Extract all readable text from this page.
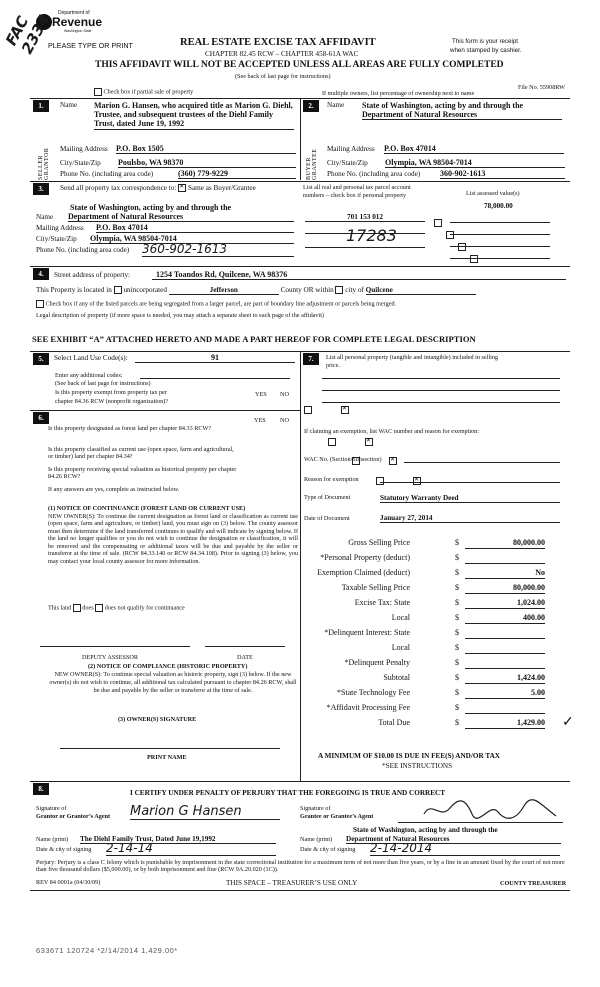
Department of
Revenue
Washington State
FAC 2334
PLEASE TYPE OR PRINT	REAL ESTATE EXCISE TAX AFFIDAVIT
CHAPTER 82.45 RCW – CHAPTER 458-61A WAC
THIS AFFIDAVIT WILL NOT BE ACCEPTED UNLESS ALL AREAS ARE FULLY COMPLETED
(See back of last page for instructions)
This form is your receipt
when stamped by cashier.
Check box if partial sale of property	If multiple owners, list percentage of ownership next to name
File No. 55908RW
1.
SELLER GRANTOR
Name Marion G. Hansen, who acquired title as Marion G. Diehl, Trustee, and subsequent trustees of the Diehl Family Trust, dated June 19, 1992
Mailing Address P.O. Box 1505
City/State/Zip Poulsbo, WA 98370
Phone No. (including area code)	(360) 779-9229
2.
BUYER GRANTEE
Name State of Washington, acting by and through the Department of Natural Resources
Mailing Address P.O. Box 47014
City/State/Zip Olympia, WA 98504-7014
Phone No. (including area code) 360-902-1613
3.	Send all property tax correspondence to: ✕ Same as Buyer/Grantee
State of Washington, acting by and through the
Name Department of Natural Resources
Mailing Address P.O. Box 47014
City/State/Zip Olympia, WA 98504-7014
Phone No. (including area code) 360-902-1613
List all real and personal tax parcel account
numbers – check box if personal property	List assessed value(s)
78,000.00
701 153 012

17283

4.	Street address of property:	1254 Toandos Rd, Quilcene, WA 98376
This Property is located in unincorporated	Jefferson	County OR within city of Quilcene
Check box if any of the listed parcels are being segregated from a larger parcel, are part of boundary line adjustment or parcels being merged.
Legal description of property (if more space is needed, you may attach a separate sheet to each page of the affidavit)
SEE EXHIBIT “A” ATTACHED HERETO AND MADE A PART HEREOF FOR COMPLETE LEGAL DESCRIPTION
5.	Select Land Use Code(s):	91
Enter any additional codes:
(See back of last page for instructions)
YES NO
Is this property exempt from property tax per
chapter 84.36 RCW (nonprofit organization)?
✕
6.	YES NO
Is this property designated as forest land per chapter 84.33 RCW?
✕
Is this property classified as current use (open space, farm and agricultural, or timber) land per chapter 84.34?
✕
Is this property receiving special valuation as historical property per chapter 84.26 RCW?
✕
If any answers are yes, complete as instructed below.
(1) NOTICE OF CONTINUANCE (FOREST LAND OR CURRENT USE)
NEW OWNER(S): To continue the current designation as forest land or classification as current use (open space, farm and agriculture, or timber) land, you must sign on (3) below. The county assessor must then determine if the land transferred continues to qualify and will indicate by signing below. If the land no longer qualifies or you do not wish to continue the designation or classification, it will be removed and the compensating or additional taxes will be due and payable by the seller or transferor at the time of sale. (RCW 84.33.140 or RCW 84.34.108). Prior to signing (3) below, you may contact your local county assessor for more information.
This land does does not qualify for continuance
DEPUTY ASSESSOR	DATE
(2) NOTICE OF COMPLIANCE (HISTORIC PROPERTY)
NEW OWNER(S): To continue special valuation as historic property, sign (3) below. If the new owner(s) do not wish to continue, all additional tax calculated pursuant to chapter 84.26 RCW, shall be due and payable by the seller or transferor at the time of sale.
(3) OWNER(S) SIGNATURE
PRINT NAME
7.	List all personal property (tangible and intangible) included in selling
price.
If claiming an exemption, list WAC number and reason for exemption:
WAC No. (Section/Subsection)
Reason for exemption
Type of Document	Statutory Warranty Deed
Date of Document	January 27, 2014
Gross Selling Price	$	80,000.00
*Personal Property (deduct)	$
Exemption Claimed (deduct)	$	No
Taxable Selling Price	$	80,000.00
Excise Tax: State	$	1,024.00
Local	$	400.00
*Delinquent Interest: State	$
Local	$
*Delinquent Penalty	$
Subtotal	$	1,424.00
*State Technology Fee	$	5.00
*Affidavit Processing Fee	$
Total Due	$	1,429.00 ✓
A MINIMUM OF $10.00 IS DUE IN FEE(S) AND/OR TAX
*SEE INSTRUCTIONS
8.	I CERTIFY UNDER PENALTY OF PERJURY THAT THE FOREGOING IS TRUE AND CORRECT
Signature of
Grantor or Grantor’s Agent Marion G Hansen	Signature of
Grantee or Grantee’s Agent
State of Washington, acting by and through the
Name (print) The Diehl Family Trust, Dated June 19,1992	Name (print) Department of Natural Resources
Date & city of signing 2-14-14	Date & city of signing 2-14-2014
Perjury: Perjury is a class C felony which is punishable by imprisonment in the state correctional institution for a maximum term of not more than five years, or by a fine in an amount fixed by the court of not more than five thousand dollars ($5,000.00), or by both imprisonment and fine (RCW 9A.20.020 (1C)).
REV 84 0001a (04/30/09)	THIS SPACE – TREASURER’S USE ONLY	COUNTY TREASURER
633671 120724 *2/14/2014 1,429.00*
